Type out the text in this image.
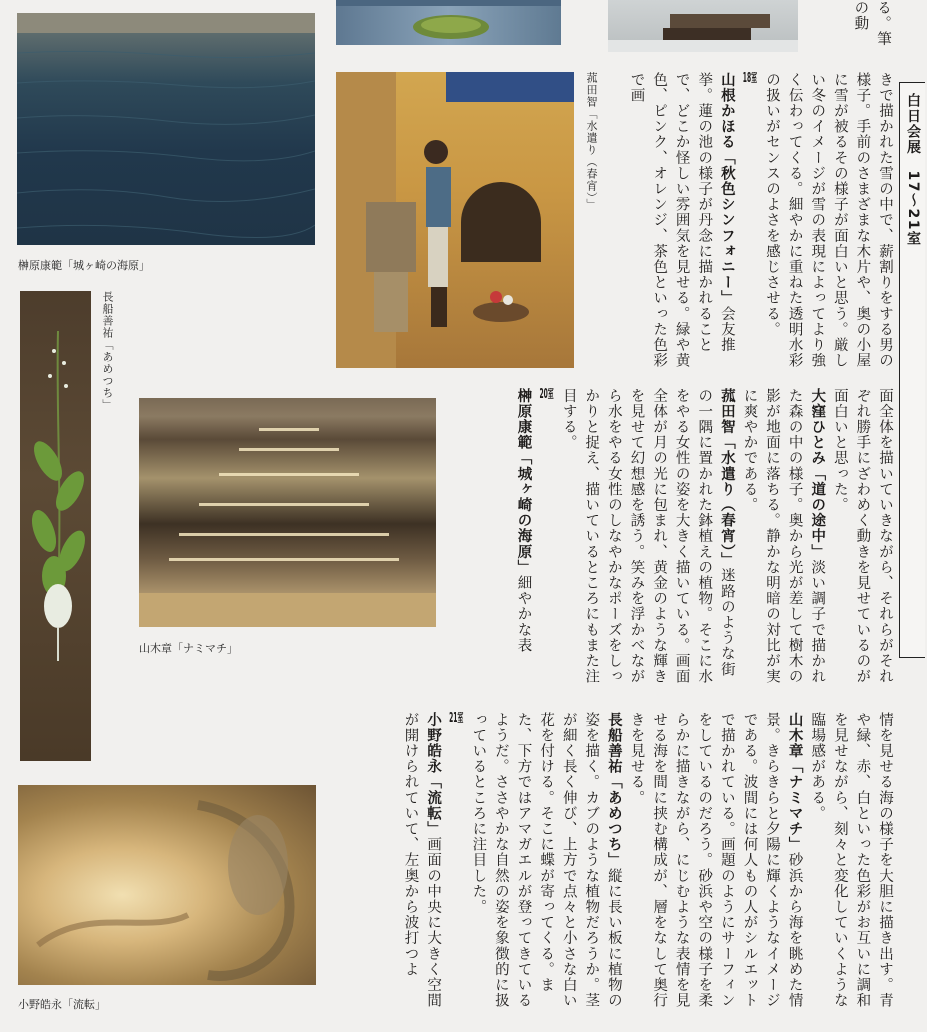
る。筆の動

白日会展　17〜21室
榊原康範「城ヶ崎の海原」
長船善祐「あめつち」
山木章「ナミマチ」
小野皓永「流転」
菰田智「水遣り（春宵）」	きで描かれた雪の中で、薪割りをする男の様子。手前のさまざまな木片や、奥の小屋に雪が被るその様子が面白いと思う。厳しい冬のイメージが雪の表現によってより強く伝わってくる。細やかに重ねた透明水彩の扱いがセンスのよさを感じさせる。

18室

山根かほる「秋色シンフォニー」会友推挙。蓮の池の様子が丹念に描かれることで、どこか怪しい雰囲気を見せる。緑や黄色、ピンク、オレンジ、茶色といった色彩で画

面全体を描いていきながら、それらがそれぞれ勝手にざわめく動きを見せているのが面白いと思った。

大窪ひとみ「道の途中」淡い調子で描かれた森の中の様子。奥から光が差して樹木の影が地面に落ちる。静かな明暗の対比が実に爽やかである。

菰田智「水遣り（春宵）」迷路のような街の一隅に置かれた鉢植えの植物。そこに水をやる女性の姿を大きく描いている。画面全体が月の光に包まれ、黄金のような輝きを見せて幻想感を誘う。笑みを浮かべながら水をやる女性のしなやかなポーズをしっかりと捉え、描いているところにもまた注目する。

20室

榊原康範「城ヶ崎の海原」細やかな表

情を見せる海の様子を大胆に描き出す。青や緑、赤、白といった色彩がお互いに調和を見せながら、刻々と変化していくような臨場感がある。

山木章「ナミマチ」砂浜から海を眺めた情景。きらきらと夕陽に輝くようなイメージである。波間には何人もの人がシルエットで描かれている。画題のようにサーフィンをしているのだろう。砂浜や空の様子を柔らかに描きながら、にじむような表情を見せる海を間に挟む構成が、層をなして奥行きを見せる。

長船善祐「あめつち」縦に長い板に植物の姿を描く。カブのような植物だろうか。茎が細く長く伸び、上方で点々と小さな白い花を付ける。そこに蝶が寄ってくる。また、下方ではアマガエルが登ってきているようだ。ささやかな自然の姿を象徴的に扱っているところに注目した。

21室

小野皓永「流転」画面の中央に大きく空間が開けられていて、左奥から波打つよ
